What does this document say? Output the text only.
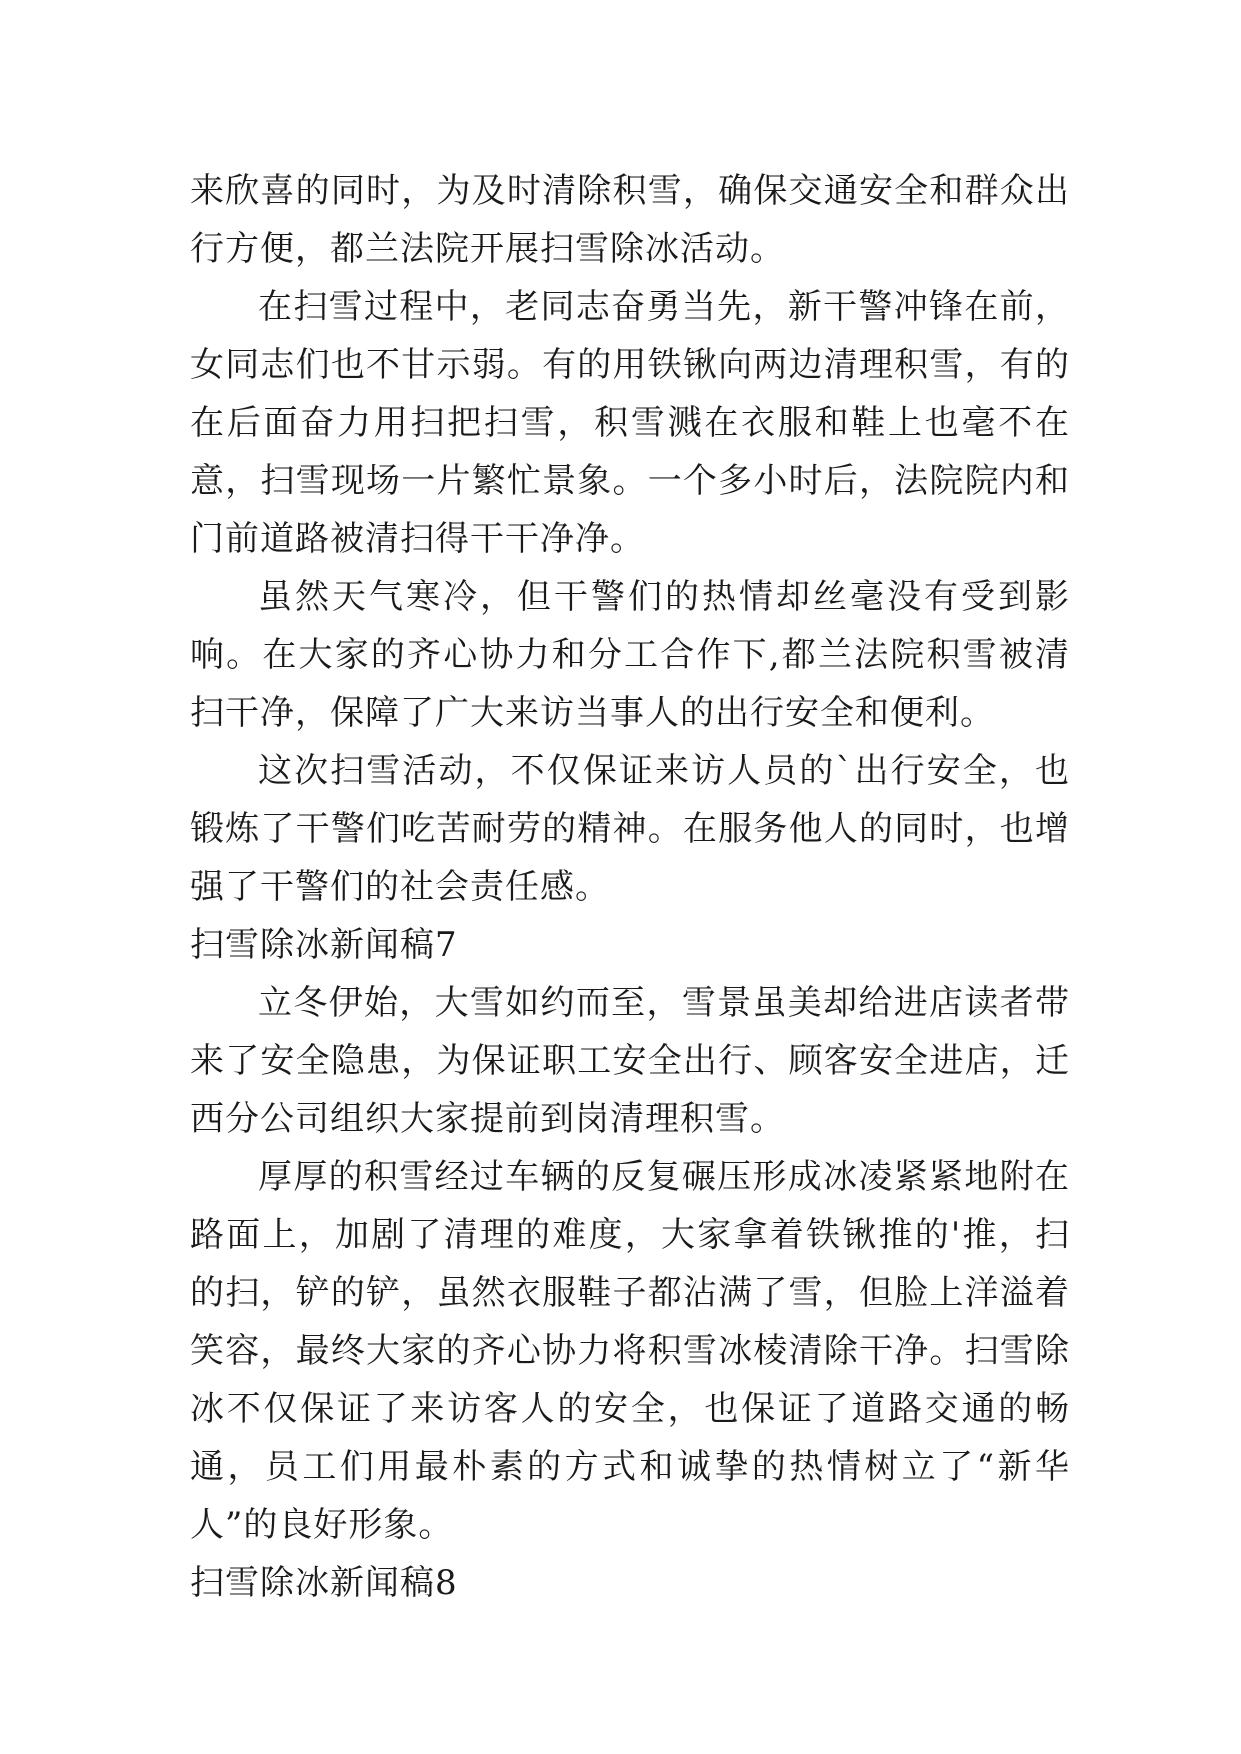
来欣喜的同时，为及时清除积雪，确保交通安全和群众出行方便，都兰法院开展扫雪除冰活动。

在扫雪过程中，老同志奋勇当先，新干警冲锋在前，女同志们也不甘示弱。有的用铁锹向两边清理积雪，有的在后面奋力用扫把扫雪，积雪溅在衣服和鞋上也毫不在意，扫雪现场一片繁忙景象。一个多小时后，法院院内和门前道路被清扫得干干净净。

虽然天气寒冷，但干警们的热情却丝毫没有受到影响。在大家的齐心协力和分工合作下,都兰法院积雪被清扫干净，保障了广大来访当事人的出行安全和便利。

这次扫雪活动，不仅保证来访人员的`出行安全，也锻炼了干警们吃苦耐劳的精神。在服务他人的同时，也增强了干警们的社会责任感。

扫雪除冰新闻稿7

立冬伊始，大雪如约而至，雪景虽美却给进店读者带来了安全隐患，为保证职工安全出行、顾客安全进店，迁西分公司组织大家提前到岗清理积雪。

厚厚的积雪经过车辆的反复碾压形成冰凌紧紧地附在路面上，加剧了清理的难度，大家拿着铁锹推的'推，扫的扫，铲的铲，虽然衣服鞋子都沾满了雪，但脸上洋溢着笑容，最终大家的齐心协力将积雪冰棱清除干净。扫雪除冰不仅保证了来访客人的安全，也保证了道路交通的畅通，员工们用最朴素的方式和诚挚的热情树立了“新华人”的良好形象。

扫雪除冰新闻稿8
